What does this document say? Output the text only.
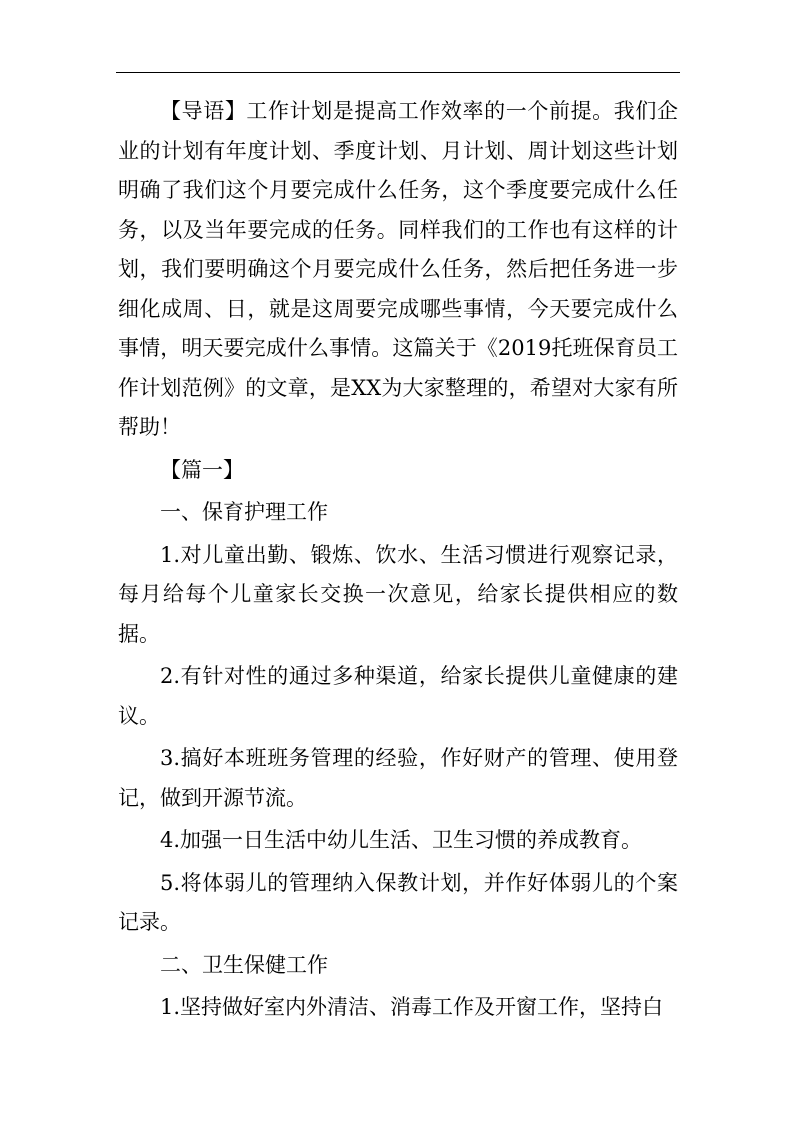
【导语】工作计划是提高工作效率的一个前提。我们企业的计划有年度计划、季度计划、月计划、周计划这些计划明确了我们这个月要完成什么任务，这个季度要完成什么任务，以及当年要完成的任务。同样我们的工作也有这样的计划，我们要明确这个月要完成什么任务，然后把任务进一步细化成周、日，就是这周要完成哪些事情，今天要完成什么事情，明天要完成什么事情。这篇关于《2019托班保育员工作计划范例》的文章，是XX为大家整理的，希望对大家有所帮助！

【篇一】

一、保育护理工作

1.对儿童出勤、锻炼、饮水、生活习惯进行观察记录，每月给每个儿童家长交换一次意见，给家长提供相应的数据。

2.有针对性的通过多种渠道，给家长提供儿童健康的建议。

3.搞好本班班务管理的经验，作好财产的管理、使用登记，做到开源节流。

4.加强一日生活中幼儿生活、卫生习惯的养成教育。

5.将体弱儿的管理纳入保教计划，并作好体弱儿的个案记录。

二、卫生保健工作

1.坚持做好室内外清洁、消毒工作及开窗工作，坚持白
